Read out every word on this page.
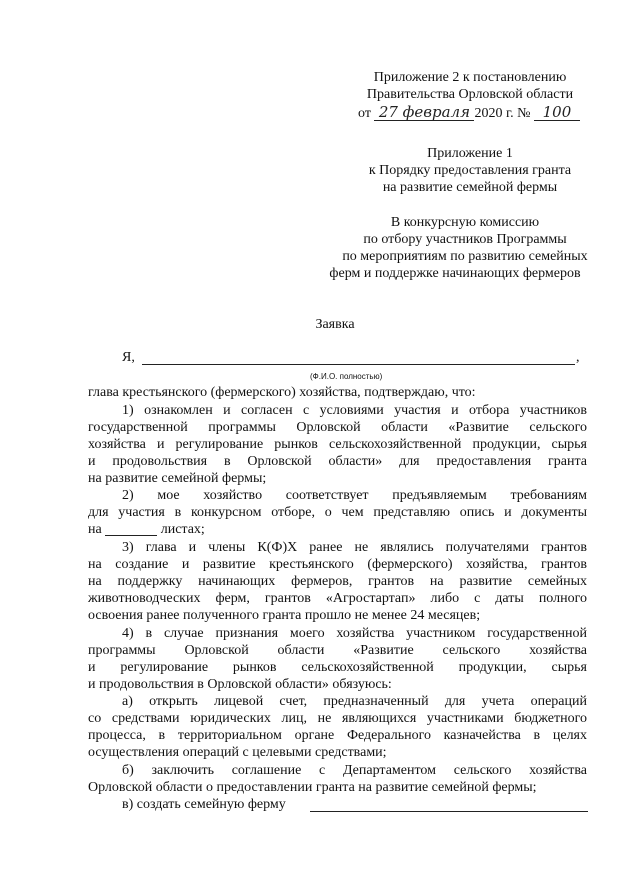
Приложение 2 к постановлению
Правительства Орловской области
от 27 февраля 2020 г. № 100
Приложение 1
к Порядку предоставления гранта
на развитие семейной фермы
В конкурсную комиссию
по отбору участников Программы
по мероприятиям по развитию семейных
ферм и поддержке начинающих фермеров
Заявка
Я,	,
(Ф.И.О. полностью)
глава крестьянского (фермерского) хозяйства, подтверждаю, что:
1) ознакомлен и согласен с условиями участия и отбора участников
государственной программы Орловской области «Развитие сельского
хозяйства и регулирование рынков сельскохозяйственной продукции, сырья
и продовольствия в Орловской области» для предоставления гранта
на развитие семейной фермы;
2) мое хозяйство соответствует предъявляемым требованиям
для участия в конкурсном отборе, о чем представляю опись и документы
на	листах;
3) глава и члены К(Ф)Х ранее не являлись получателями грантов
на создание и развитие крестьянского (фермерского) хозяйства, грантов
на поддержку начинающих фермеров, грантов на развитие семейных
животноводческих ферм, грантов «Агростартап» либо с даты полного
освоения ранее полученного гранта прошло не менее 24 месяцев;
4) в случае признания моего хозяйства участником государственной
программы Орловской области «Развитие сельского хозяйства
и регулирование рынков сельскохозяйственной продукции, сырья
и продовольствия в Орловской области» обязуюсь:
а) открыть лицевой счет, предназначенный для учета операций
со средствами юридических лиц, не являющихся участниками бюджетного
процесса, в территориальном органе Федерального казначейства в целях
осуществления операций с целевыми средствами;
б) заключить соглашение с Департаментом сельского хозяйства
Орловской области о предоставлении гранта на развитие семейной фермы;
в) создать семейную ферму
